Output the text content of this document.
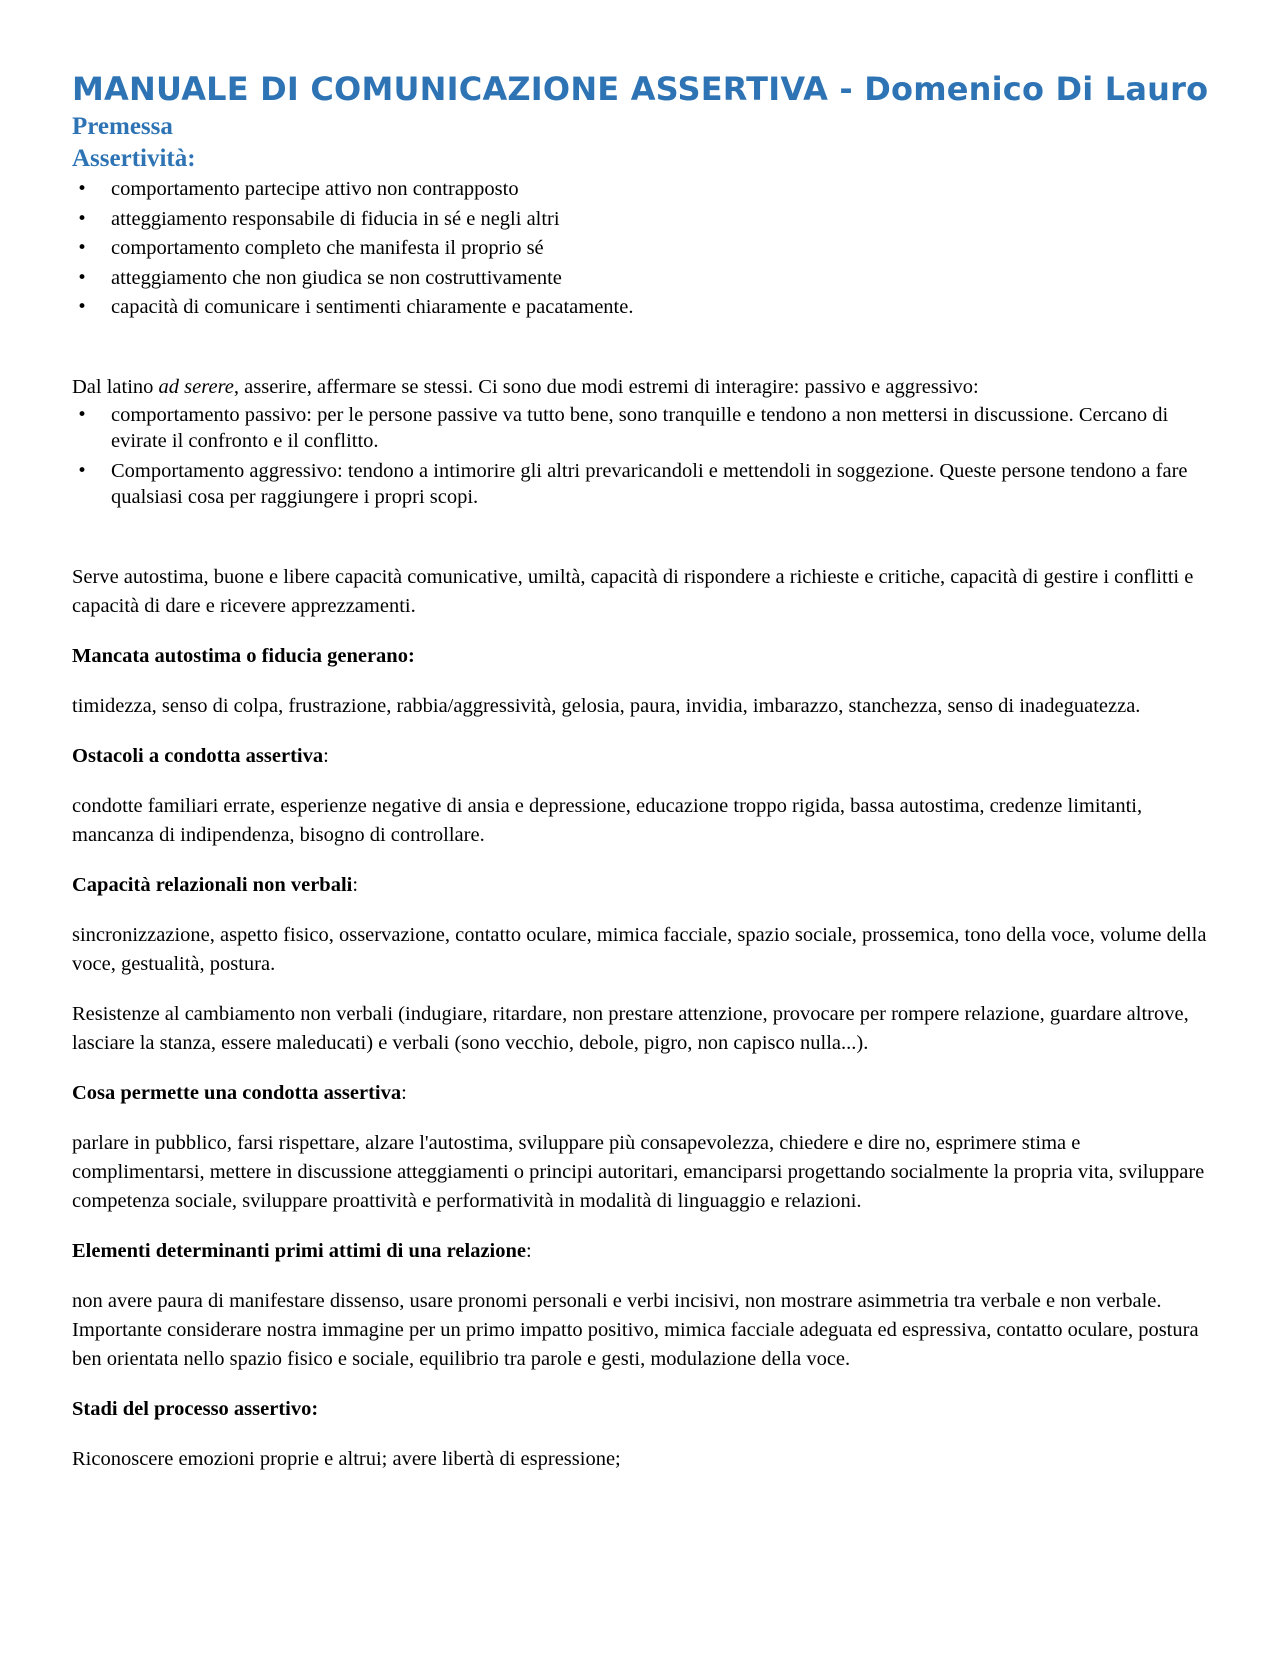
MANUALE DI COMUNICAZIONE ASSERTIVA - Domenico Di Lauro
Premessa
Assertività:
• comportamento partecipe attivo non contrapposto
• atteggiamento responsabile di fiducia in sé e negli altri
• comportamento completo che manifesta il proprio sé
• atteggiamento che non giudica se non costruttivamente
• capacità di comunicare i sentimenti chiaramente e pacatamente.

Dal latino ad serere, asserire, affermare se stessi. Ci sono due modi estremi di interagire: passivo e aggressivo:

• comportamento passivo: per le persone passive va tutto bene, sono tranquille e tendono a non mettersi in discussione. Cercano di evirate il confronto e il conflitto.
• Comportamento aggressivo: tendono a intimorire gli altri prevaricandoli e mettendoli in soggezione. Queste persone tendono a fare qualsiasi cosa per raggiungere i propri scopi.

Serve autostima, buone e libere capacità comunicative, umiltà, capacità di rispondere a richieste e critiche, capacità di gestire i conflitti e capacità di dare e ricevere apprezzamenti.

Mancata autostima o fiducia generano:

timidezza, senso di colpa, frustrazione, rabbia/aggressività, gelosia, paura, invidia, imbarazzo, stanchezza, senso di inadeguatezza.

Ostacoli a condotta assertiva:

condotte familiari errate, esperienze negative di ansia e depressione, educazione troppo rigida, bassa autostima, credenze limitanti, mancanza di indipendenza, bisogno di controllare.

Capacità relazionali non verbali:

sincronizzazione, aspetto fisico, osservazione, contatto oculare, mimica facciale, spazio sociale, prossemica, tono della voce, volume della voce, gestualità, postura.

Resistenze al cambiamento non verbali (indugiare, ritardare, non prestare attenzione, provocare per rompere relazione, guardare altrove, lasciare la stanza, essere maleducati) e verbali (sono vecchio, debole, pigro, non capisco nulla...).

Cosa permette una condotta assertiva:

parlare in pubblico, farsi rispettare, alzare l'autostima, sviluppare più consapevolezza, chiedere e dire no, esprimere stima e complimentarsi, mettere in discussione atteggiamenti o principi autoritari, emanciparsi progettando socialmente la propria vita, sviluppare competenza sociale, sviluppare proattività e performatività in modalità di linguaggio e relazioni.

Elementi determinanti primi attimi di una relazione:

non avere paura di manifestare dissenso, usare pronomi personali e verbi incisivi, non mostrare asimmetria tra verbale e non verbale. Importante considerare nostra immagine per un primo impatto positivo, mimica facciale adeguata ed espressiva, contatto oculare, postura ben orientata nello spazio fisico e sociale, equilibrio tra parole e gesti, modulazione della voce.

Stadi del processo assertivo:

Riconoscere emozioni proprie e altrui; avere libertà di espressione;
